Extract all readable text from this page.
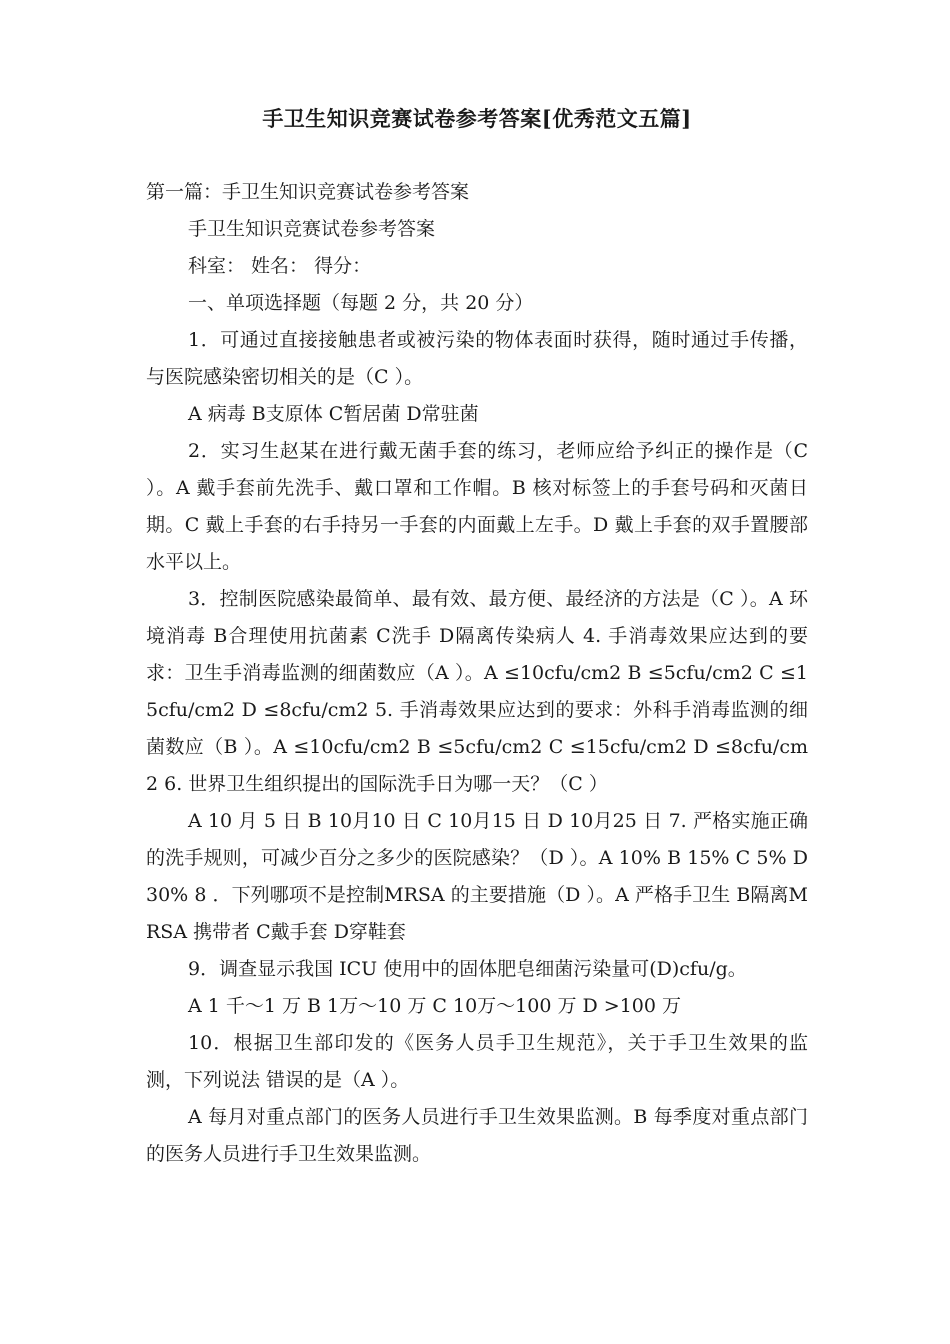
手卫生知识竞赛试卷参考答案[优秀范文五篇]

第一篇：手卫生知识竞赛试卷参考答案

手卫生知识竞赛试卷参考答案

科室： 姓名： 得分：

一、单项选择题（每题 2 分，共 20 分）

1．可通过直接接触患者或被污染的物体表面时获得，随时通过手传播，与医院感染密切相关的是（C ）。

A 病毒 B支原体 C暂居菌 D常驻菌

2．实习生赵某在进行戴无菌手套的练习，老师应给予纠正的操作是（C ）。A 戴手套前先洗手、戴口罩和工作帽。B 核对标签上的手套号码和灭菌日期。C 戴上手套的右手持另一手套的内面戴上左手。D 戴上手套的双手置腰部水平以上。

3．控制医院感染最简单、最有效、最方便、最经济的方法是（C ）。A 环境消毒 B合理使用抗菌素 C洗手 D隔离传染病人 4. 手消毒效果应达到的要求：卫生手消毒监测的细菌数应（A ）。A ≤10cfu/cm2 B ≤5cfu/cm2 C ≤15cfu/cm2 D ≤8cfu/cm2 5. 手消毒效果应达到的要求：外科手消毒监测的细菌数应（B ）。A ≤10cfu/cm2 B ≤5cfu/cm2 C ≤15cfu/cm2 D ≤8cfu/cm2 6. 世界卫生组织提出的国际洗手日为哪一天？（C ）

A 10 月 5 日 B 10月10 日 C 10月15 日 D 10月25 日 7. 严格实施正确的洗手规则，可减少百分之多少的医院感染？（D ）。A 10% B 15% C 5% D 30% 8 ．下列哪项不是控制MRSA 的主要措施（D ）。A 严格手卫生 B隔离MRSA 携带者 C戴手套 D穿鞋套

9．调查显示我国 ICU 使用中的固体肥皂细菌污染量可(D)cfu/g。

A 1 千～1 万 B 1万～10 万 C 10万～100 万 D >100 万

10．根据卫生部印发的《医务人员手卫生规范》，关于手卫生效果的监测，下列说法 错误的是（A ）。

A 每月对重点部门的医务人员进行手卫生效果监测。B 每季度对重点部门的医务人员进行手卫生效果监测。
